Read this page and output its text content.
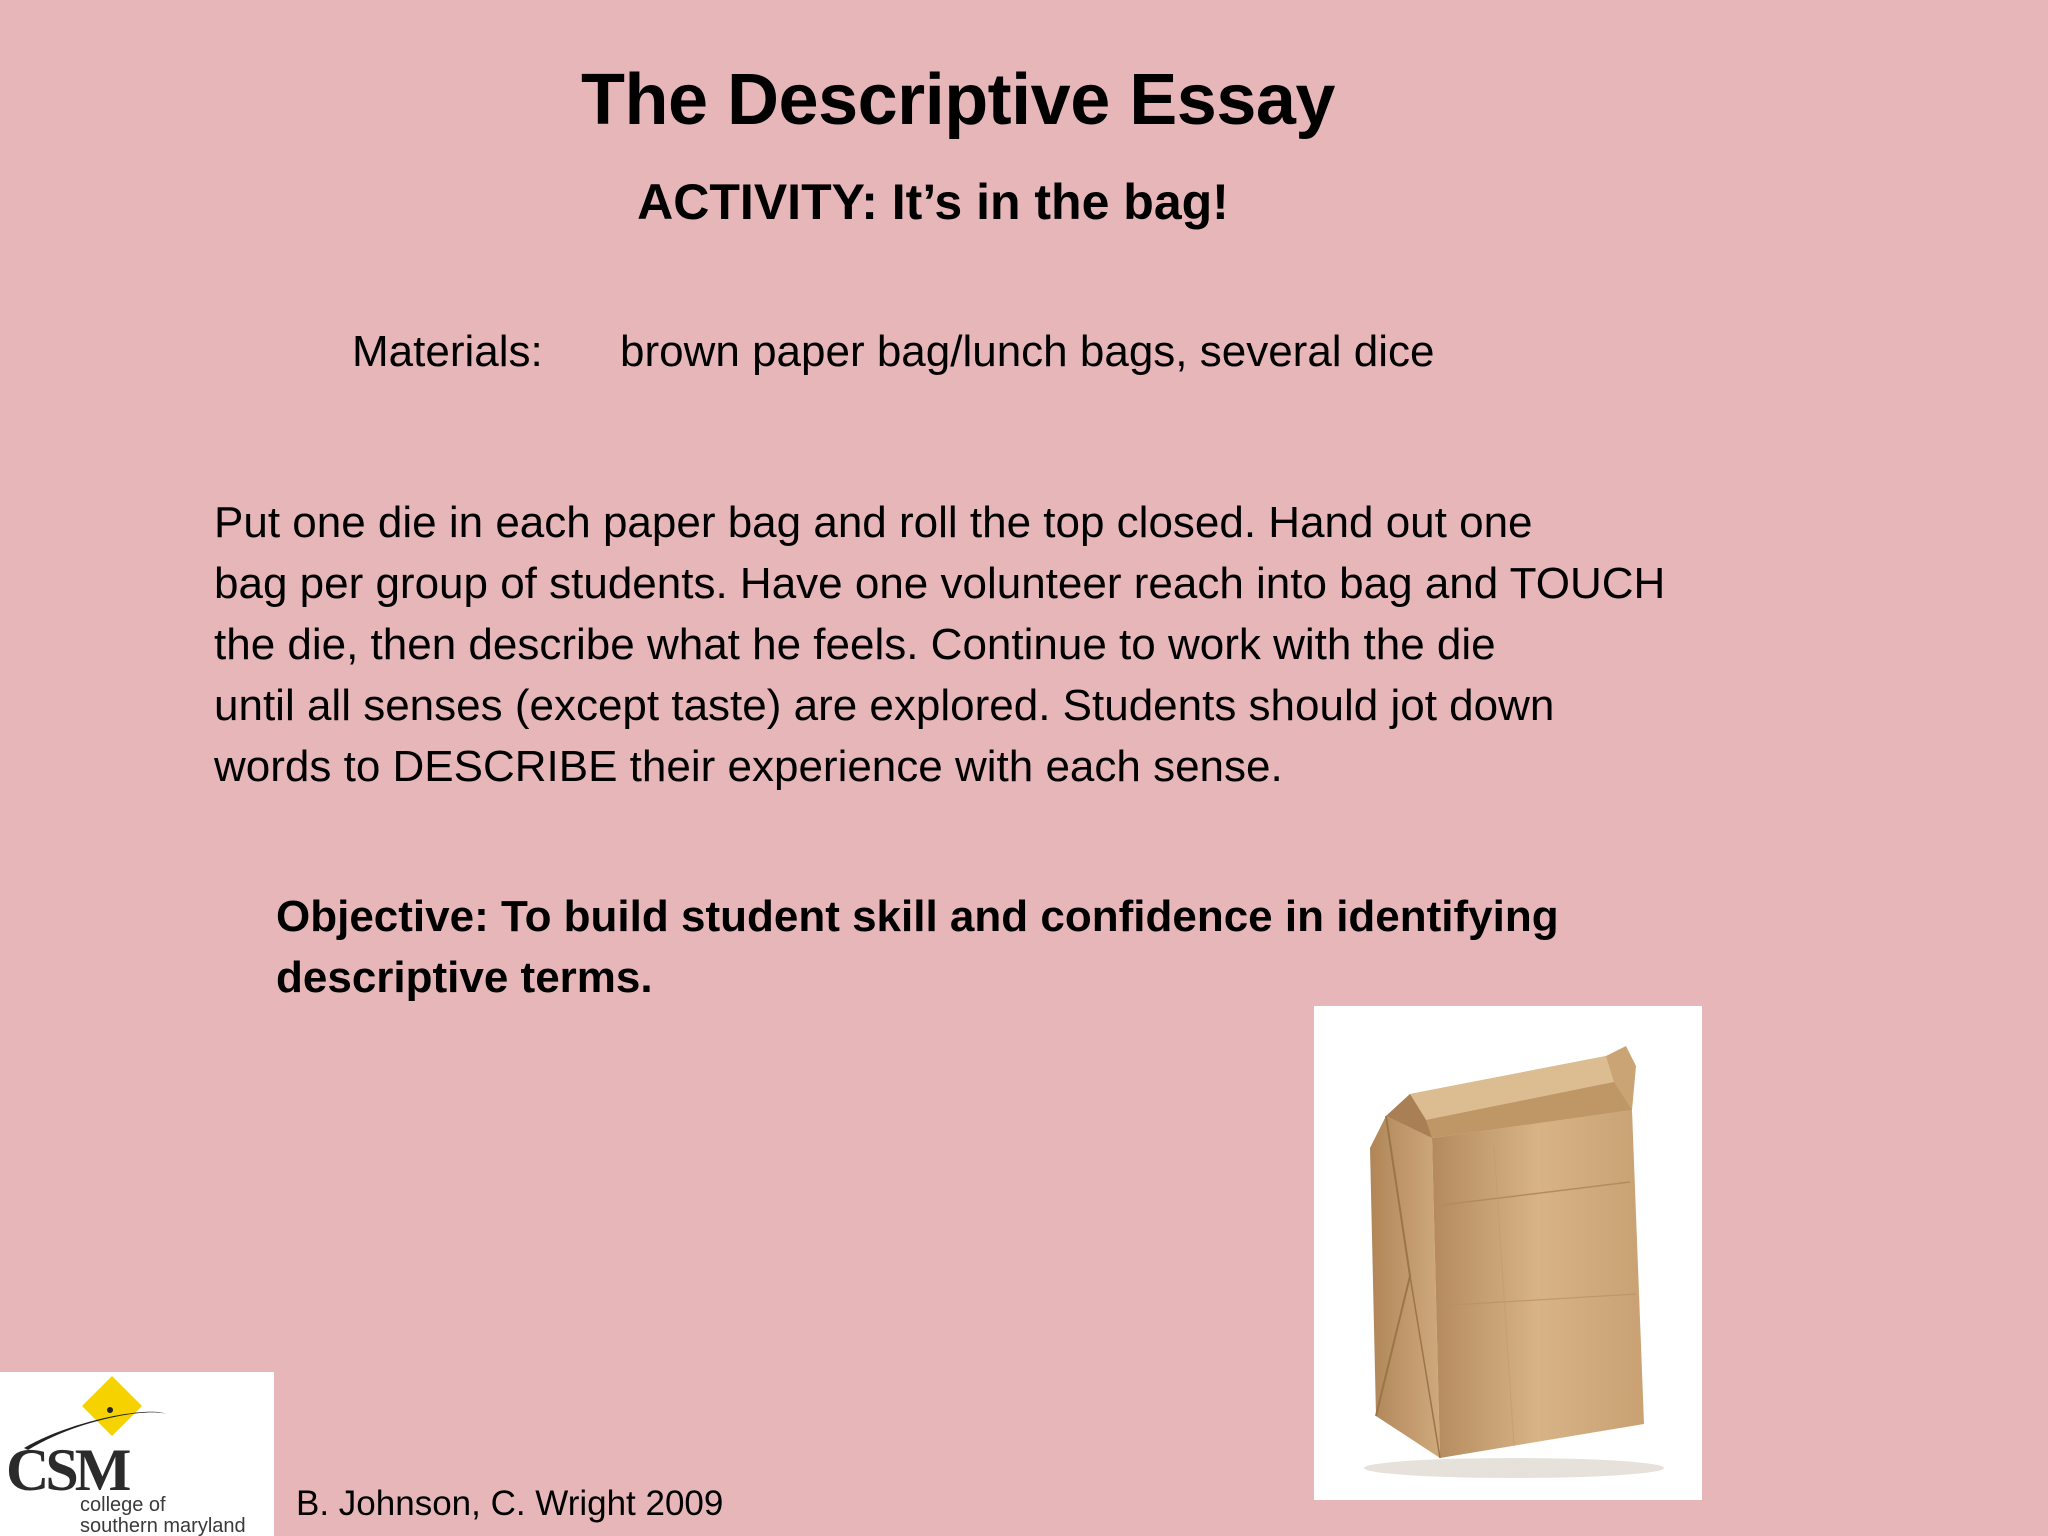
The Descriptive Essay
ACTIVITY: It’s in the bag!
Materials: brown paper bag/lunch bags, several dice
Put one die in each paper bag and roll the top closed. Hand out one
bag per group of students. Have one volunteer reach into bag and TOUCH
the die, then describe what he feels. Continue to work with the die
until all senses (except taste) are explored. Students should jot down
words to DESCRIBE their experience with each sense.
Objective: To build student skill and confidence in identifying
descriptive terms.
CSM
college of
southern maryland
B. Johnson, C. Wright 2009
